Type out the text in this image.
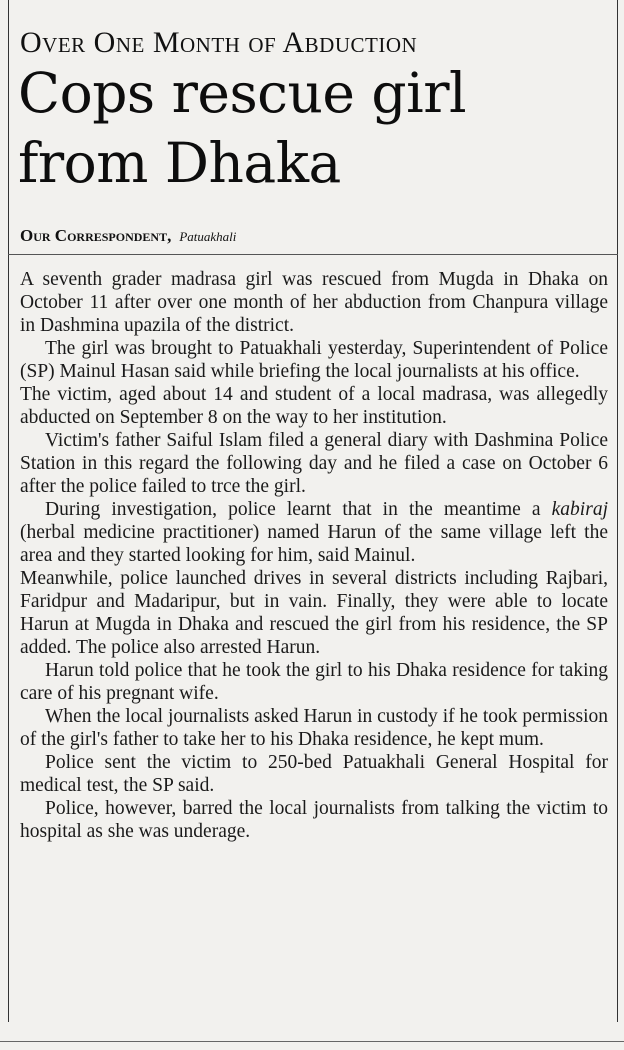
Over One Month of Abduction
Cops rescue girl
from Dhaka
Our Correspondent, Patuakhali

A seventh grader madrasa girl was rescued from Mugda in Dhaka on October 11 after over one month of her abduction from Chanpura village in Dashmina upazila of the district.

The girl was brought to Patuakhali yesterday, Superintendent of Police (SP) Mainul Hasan said while briefing the local journalists at his office.

The victim, aged about 14 and student of a local madrasa, was allegedly abducted on September 8 on the way to her institution.

Victim's father Saiful Islam filed a general diary with Dashmina Police Station in this regard the following day and he filed a case on October 6 after the police failed to trce the girl.

During investigation, police learnt that in the meantime a kabiraj (herbal medicine practitioner) named Harun of the same village left the area and they started looking for him, said Mainul.

Meanwhile, police launched drives in several districts including Rajbari, Faridpur and Madaripur, but in vain. Finally, they were able to locate Harun at Mugda in Dhaka and rescued the girl from his residence, the SP added. The police also arrested Harun.

Harun told police that he took the girl to his Dhaka residence for taking care of his pregnant wife.

When the local journalists asked Harun in custody if he took permission of the girl's father to take her to his Dhaka residence, he kept mum.

Police sent the victim to 250-bed Patuakhali General Hospital for medical test, the SP said.

Police, however, barred the local journalists from talking the victim to hospital as she was underage.
